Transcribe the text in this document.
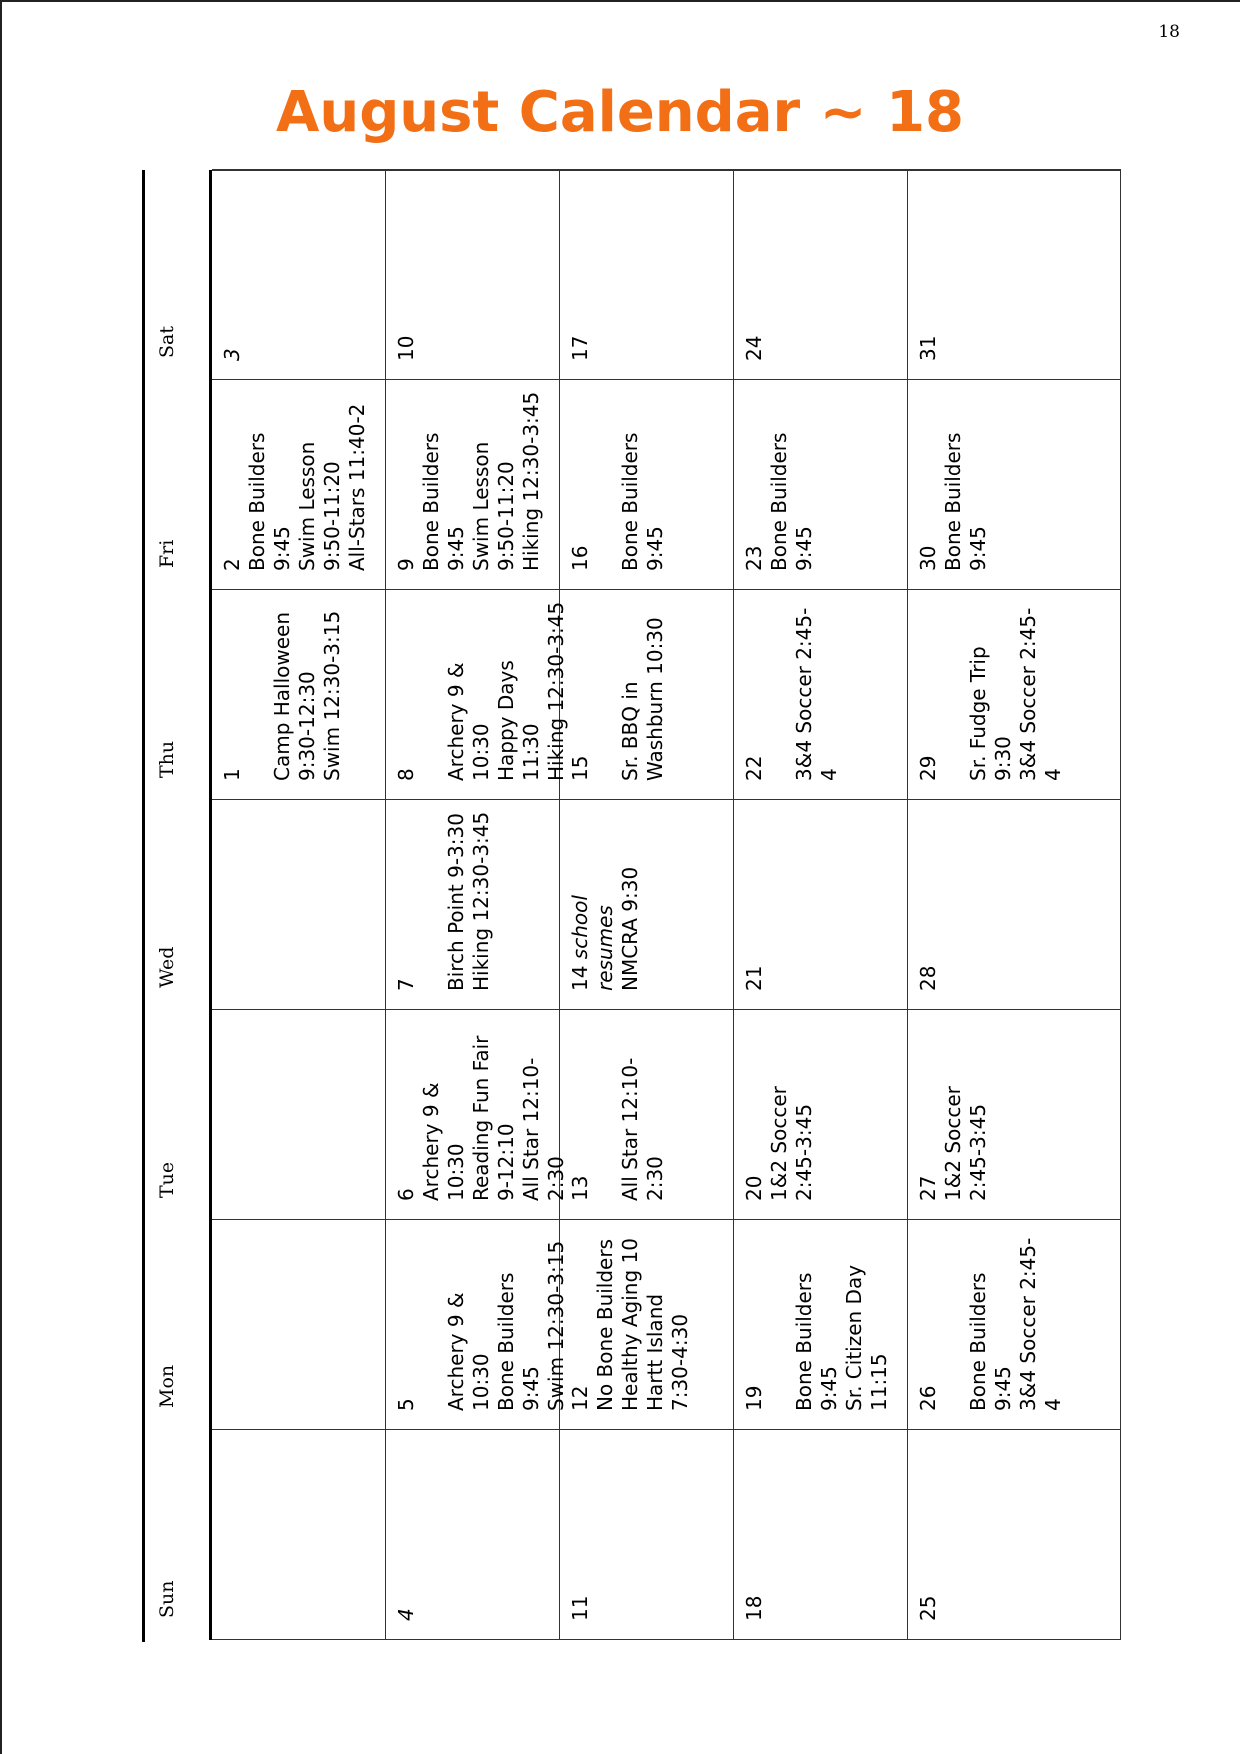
18
August Calendar ~ 18
Sun
Mon
Tue
Wed
Thu
Fri
Sat
1 Camp Halloween 9:30-12:30 Swim 12:30-3:15
2 Bone Builders 9:45 Swim Lesson 9:50-11:20 All-Stars 11:40-2
3
4
5 Archery 9 & 10:30 Bone Builders 9:45 Swim 12:30-3:15
6 Archery 9 & 10:30 Reading Fun Fair 9-12:10 All Star 12:10-2:30
7 Birch Point 9-3:30 Hiking 12:30-3:45
8 Archery 9 & 10:30 Happy Days 11:30 Hiking 12:30-3:45
9 Bone Builders 9:45 Swim Lesson 9:50-11:20 Hiking 12:30-3:45
10
11
12 No Bone Builders Healthy Aging 10 Hartt Island 7:30-4:30
13 All Star 12:10-2:30
14 school resumes NMCRA 9:30
15 Sr. BBQ in Washburn 10:30
16 Bone Builders 9:45
17
18
19 Bone Builders 9:45 Sr. Citizen Day 11:15
20 1&2 Soccer 2:45-3:45
21
22 3&4 Soccer 2:45-4
23 Bone Builders 9:45
24
25
26 Bone Builders 9:45 3&4 Soccer 2:45-4
27 1&2 Soccer 2:45-3:45
28
29 Sr. Fudge Trip 9:30 3&4 Soccer 2:45-4
30 Bone Builders 9:45
31
